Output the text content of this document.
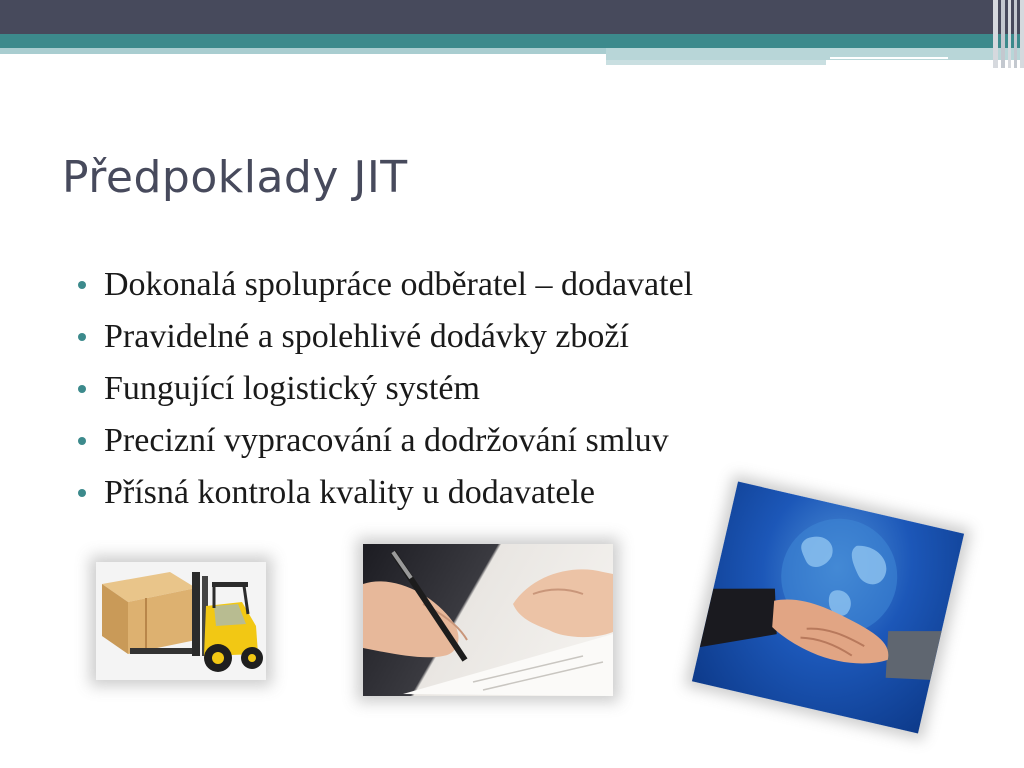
Předpoklady JIT
Dokonalá spolupráce odběratel – dodavatel
Pravidelné a spolehlivé dodávky zboží
Fungující logistický systém
Precizní vypracování a dodržování smluv
Přísná kontrola kvality u dodavatele
